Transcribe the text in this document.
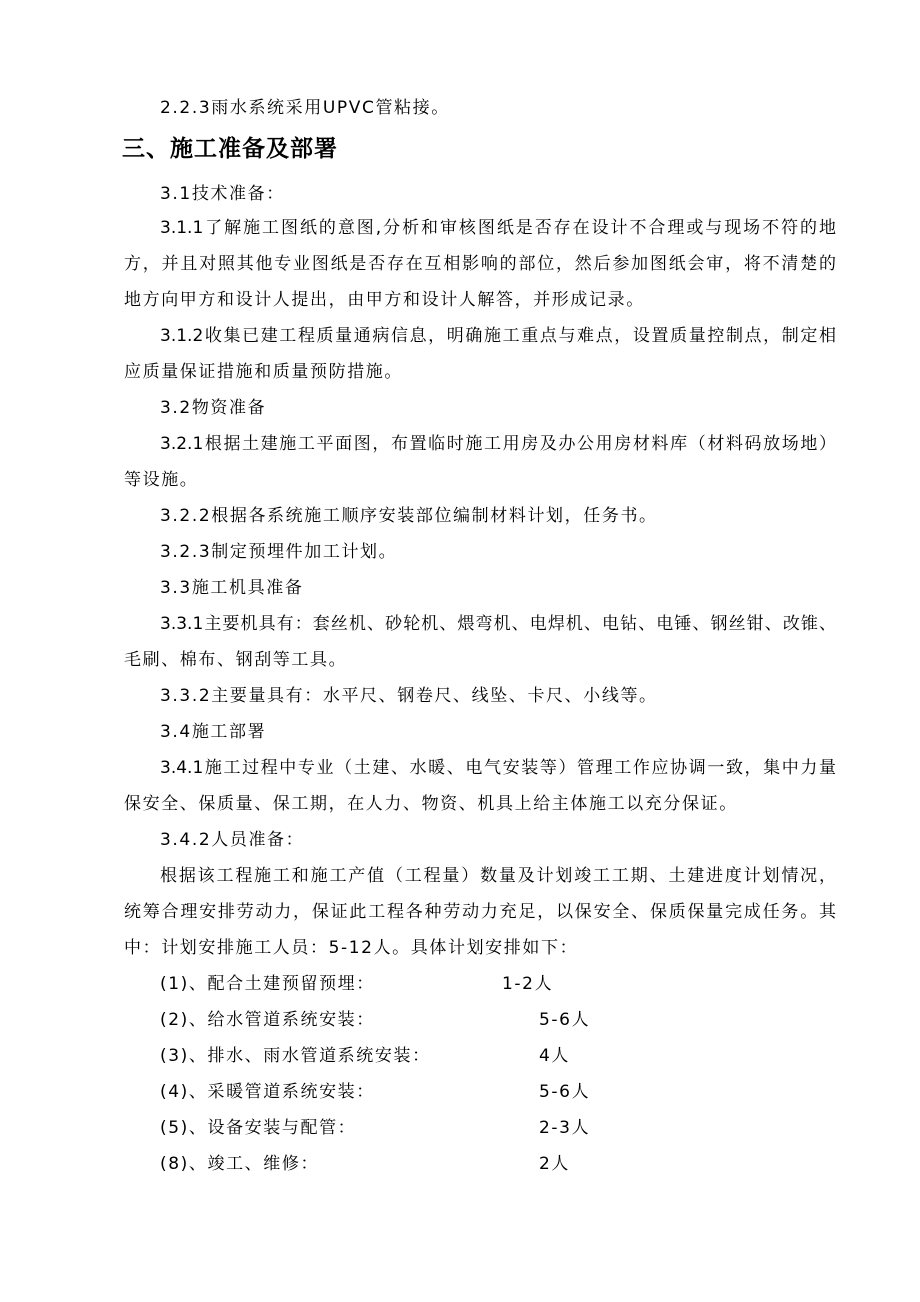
2.2.3雨水系统采用UPVC管粘接。
三、施工准备及部署
3.1技术准备：
3.1.1了解施工图纸的意图,分析和审核图纸是否存在设计不合理或与现场不符的地
方，并且对照其他专业图纸是否存在互相影响的部位，然后参加图纸会审，将不清楚的
地方向甲方和设计人提出，由甲方和设计人解答，并形成记录。
3.1.2收集已建工程质量通病信息，明确施工重点与难点，设置质量控制点，制定相
应质量保证措施和质量预防措施。
3.2物资准备
3.2.1根据土建施工平面图，布置临时施工用房及办公用房材料库（材料码放场地）
等设施。
3.2.2根据各系统施工顺序安装部位编制材料计划，任务书。
3.2.3制定预埋件加工计划。
3.3施工机具准备
3.3.1主要机具有：套丝机、砂轮机、煨弯机、电焊机、电钻、电锤、钢丝钳、改锥、
毛刷、棉布、钢刮等工具。
3.3.2主要量具有：水平尺、钢卷尺、线坠、卡尺、小线等。
3.4施工部署
3.4.1施工过程中专业（土建、水暖、电气安装等）管理工作应协调一致，集中力量
保安全、保质量、保工期，在人力、物资、机具上给主体施工以充分保证。
3.4.2人员准备：
根据该工程施工和施工产值（工程量）数量及计划竣工工期、土建进度计划情况，
统筹合理安排劳动力，保证此工程各种劳动力充足，以保安全、保质保量完成任务。其
中：计划安排施工人员：5-12人。具体计划安排如下：
(1)、配合土建预留预埋：	1-2人
(2)、给水管道系统安装：	5-6人
(3)、排水、雨水管道系统安装：	4人
(4)、采暖管道系统安装：	5-6人
(5)、设备安装与配管：	2-3人
(8)、竣工、维修：	2人
